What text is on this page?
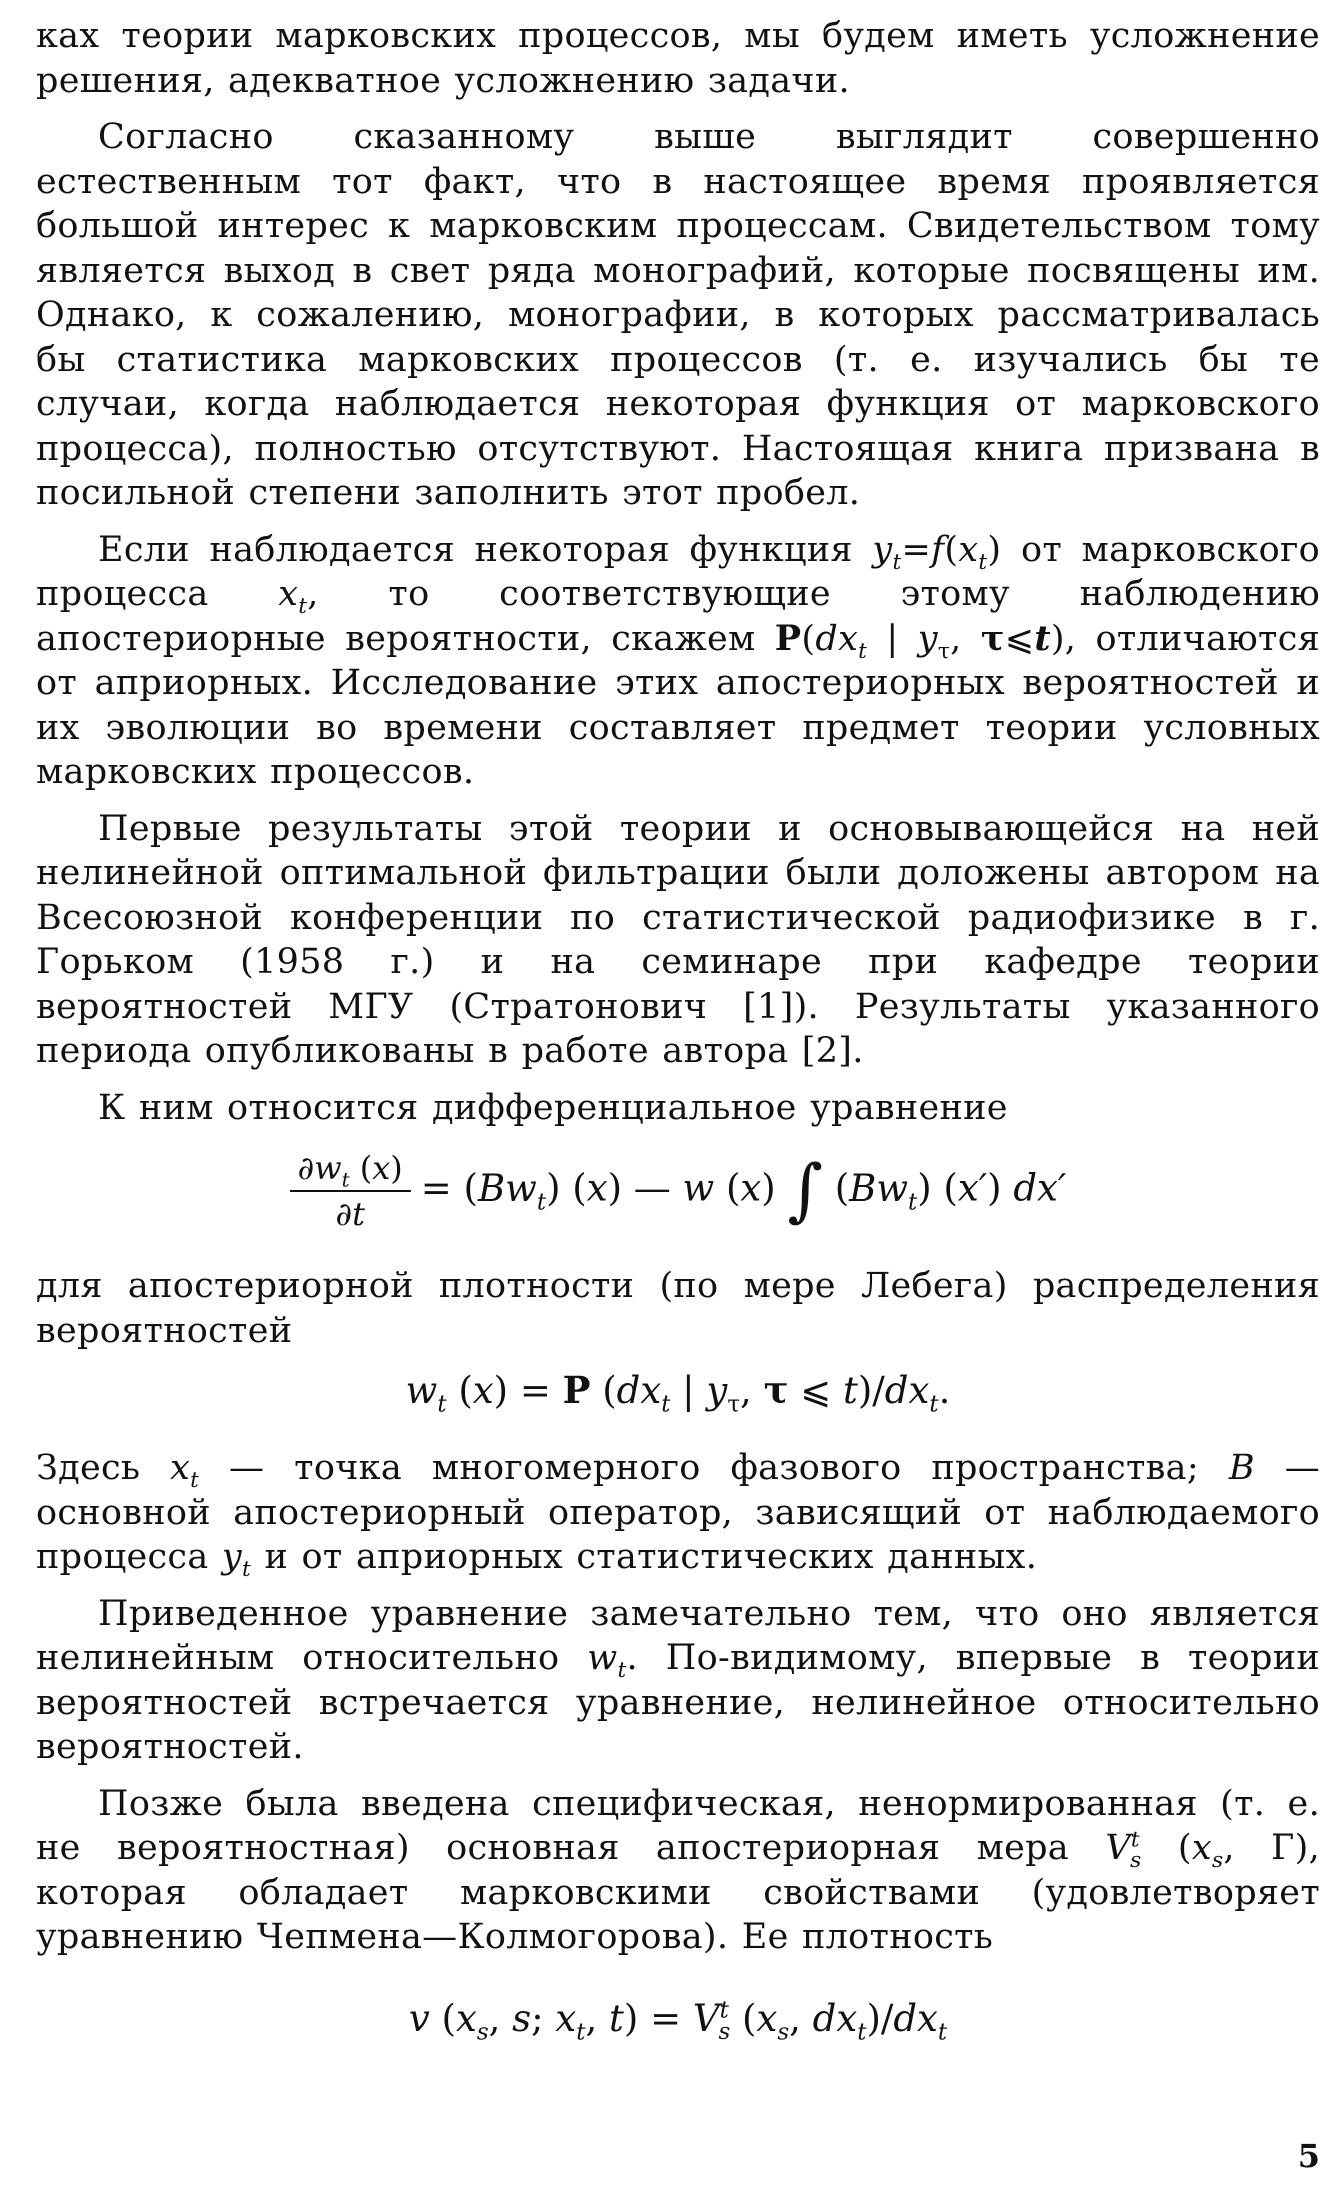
ках теории марковских процессов, мы будем иметь усложнение решения, адекватное усложнению задачи.

Согласно сказанному выше выглядит совершенно естественным тот факт, что в настоящее время проявляется большой интерес к марковским процессам. Свидетельством тому является выход в свет ряда монографий, которые посвящены им. Однако, к сожалению, монографии, в которых рассматривалась бы статистика марковских процессов (т. е. изучались бы те случаи, когда наблюдается некоторая функция от марковского процесса), полностью отсутствуют. Настоящая книга призвана в посильной степени заполнить этот пробел.

Если наблюдается некоторая функция $y_t=f(x_t)$ от марковского процесса $x_t$, то соответствующие этому наблюдению апостериорные вероятности, скажем $P(dx_t$ | $y_\tau$, τ⩽t), отличаются от априорных. Исследование этих апостериорных вероятностей и их эволюции во времени составляет предмет теории условных марковских процессов.

Первые результаты этой теории и основывающейся на ней нелинейной оптимальной фильтрации были доложены автором на Всесоюзной конференции по статистической радиофизике в г. Горьком (1958 г.) и на семинаре при кафедре теории вероятностей МГУ (Стратонович [1]). Результаты указанного периода опубликованы в работе автора [2].

К ним относится дифференциальное уравнение

$\frac{\partial w_t (x)}{\partial t} = (Bw_t)$ (x) — w (x) ∫ $(Bw_t)$ (x′) dx′

для апостериорной плотности (по мере Лебега) распределения вероятностей

$w_t$ (x) = P ($dx_t$ | $y_\tau$, τ ⩽ $t)/dx_t$.

Здесь $x_t$ — точка многомерного фазового пространства; B — основной апостериорный оператор, зависящий от наблюдаемого процесса $y_t$ и от априорных статистических данных.

Приведенное уравнение замечательно тем, что оно является нелинейным относительно $w_t$. По-видимому, впервые в теории вероятностей встречается уравнение, нелинейное относительно вероятностей.

Позже была введена специфическая, ненормированная (т. е. не вероятностная) основная апостериорная мера $V^t_s$ ($x_s$, Г), которая обладает марковскими свойствами (удовлетворяет уравнению Чепмена—Колмогорова). Ее плотность

v ($x_s$, s; $x_t$, $t) = V^t_s$ ($x_s$, $dx_t)/dx_t$
5
